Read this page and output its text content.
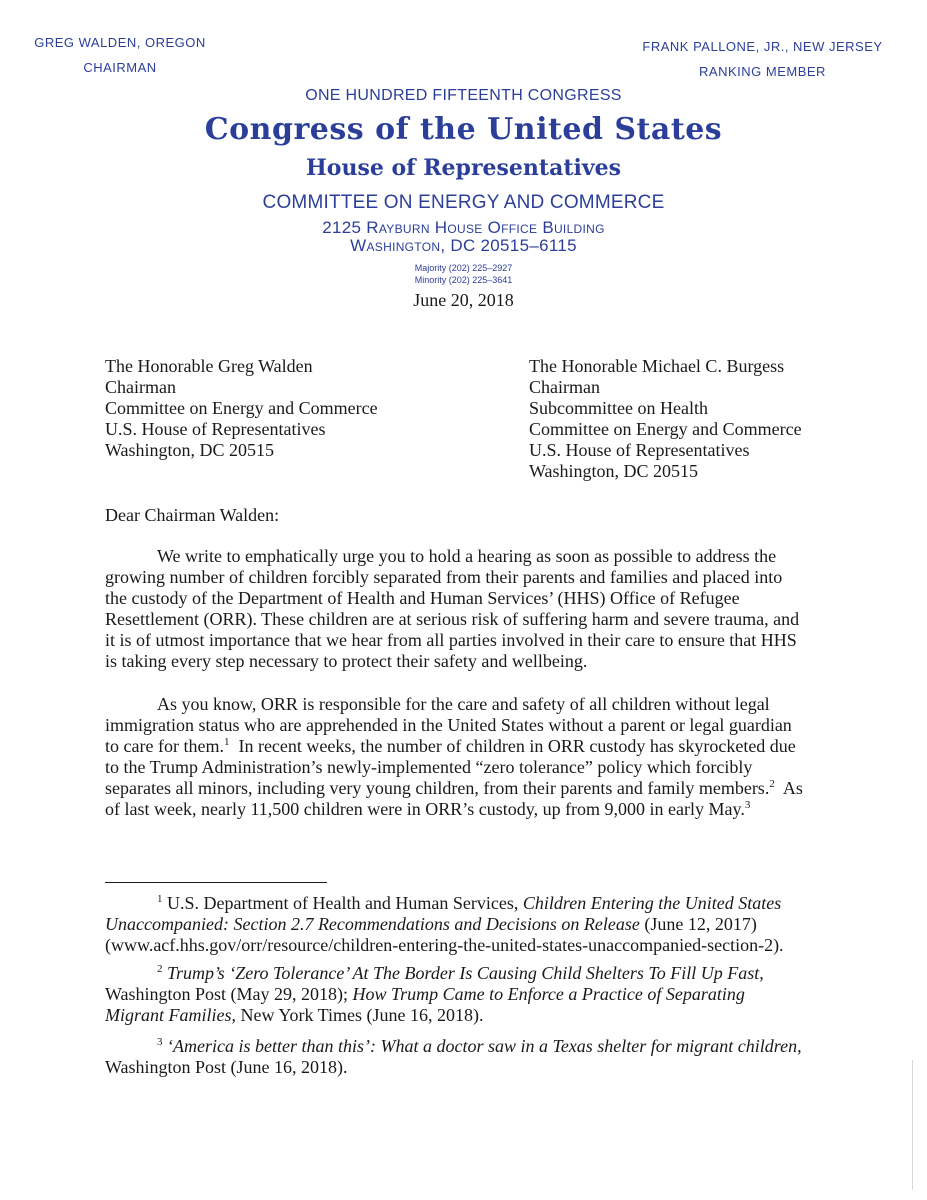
GREG WALDEN, OREGON
CHAIRMAN
FRANK PALLONE, JR., NEW JERSEY
RANKING MEMBER
ONE HUNDRED FIFTEENTH CONGRESS
Congress of the United States
House of Representatives
COMMITTEE ON ENERGY AND COMMERCE
2125 Rayburn House Office Building
Washington, DC 20515–6115
Majority (202) 225–2927
Minority (202) 225–3641
June 20, 2018
The Honorable Greg Walden
Chairman
Committee on Energy and Commerce
U.S. House of Representatives
Washington, DC 20515
The Honorable Michael C. Burgess
Chairman
Subcommittee on Health
Committee on Energy and Commerce
U.S. House of Representatives
Washington, DC 20515
Dear Chairman Walden:
We write to emphatically urge you to hold a hearing as soon as possible to address the
growing number of children forcibly separated from their parents and families and placed into
the custody of the Department of Health and Human Services’ (HHS) Office of Refugee
Resettlement (ORR). These children are at serious risk of suffering harm and severe trauma, and
it is of utmost importance that we hear from all parties involved in their care to ensure that HHS
is taking every step necessary to protect their safety and wellbeing.
As you know, ORR is responsible for the care and safety of all children without legal
immigration status who are apprehended in the United States without a parent or legal guardian
to care for them.$^1$  In recent weeks, the number of children in ORR custody has skyrocketed due
to the Trump Administration’s newly-implemented “zero tolerance” policy which forcibly
separates all minors, including very young children, from their parents and family members.$^2$  As
of last week, nearly 11,500 children were in ORR’s custody, up from 9,000 in early May.$^3$
$^1$ U.S. Department of Health and Human Services, Children Entering the United States
Unaccompanied: Section 2.7 Recommendations and Decisions on Release (June 12, 2017)
(www.acf.hhs.gov/orr/resource/children-entering-the-united-states-unaccompanied-section-2).
$^2$ Trump’s ‘Zero Tolerance’ At The Border Is Causing Child Shelters To Fill Up Fast,
Washington Post (May 29, 2018); How Trump Came to Enforce a Practice of Separating
Migrant Families, New York Times (June 16, 2018).
$^3$ ‘America is better than this’: What a doctor saw in a Texas shelter for migrant children,
Washington Post (June 16, 2018).
